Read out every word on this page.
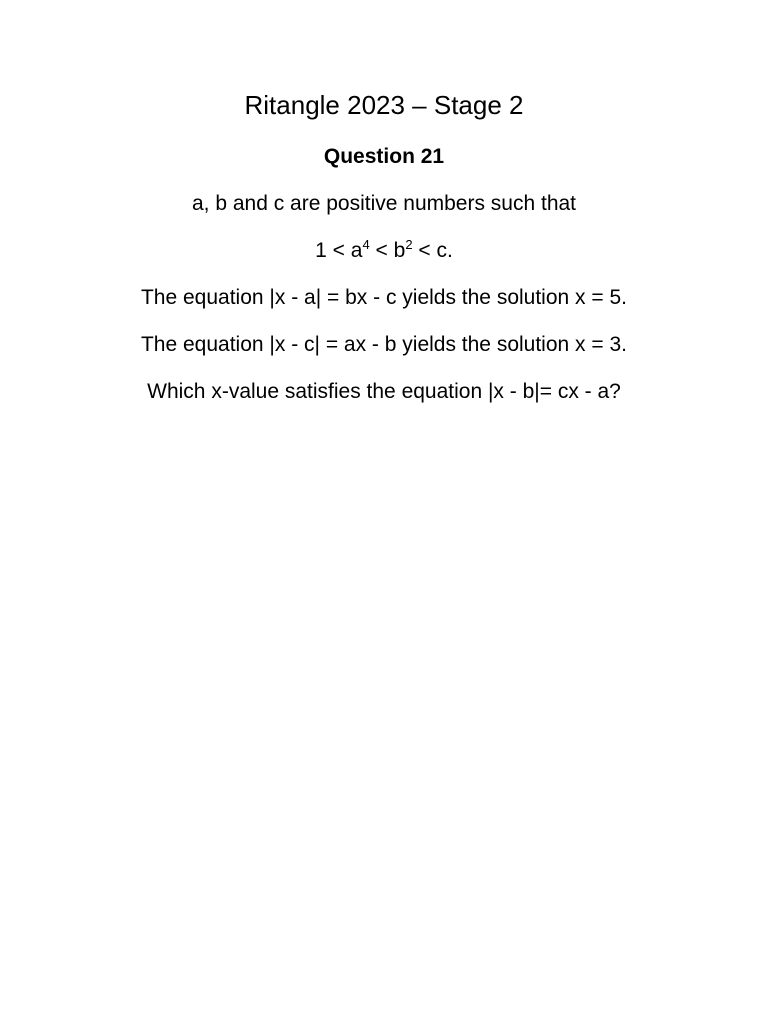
Ritangle 2023 – Stage 2
Question 21
a, b and c are positive numbers such that
$1 < a^4 < b^2 < c$.
The equation |x - a| = bx - c yields the solution x = 5.
The equation |x - c| = ax - b yields the solution x = 3.
Which x-value satisfies the equation |x - b|= cx - a?
